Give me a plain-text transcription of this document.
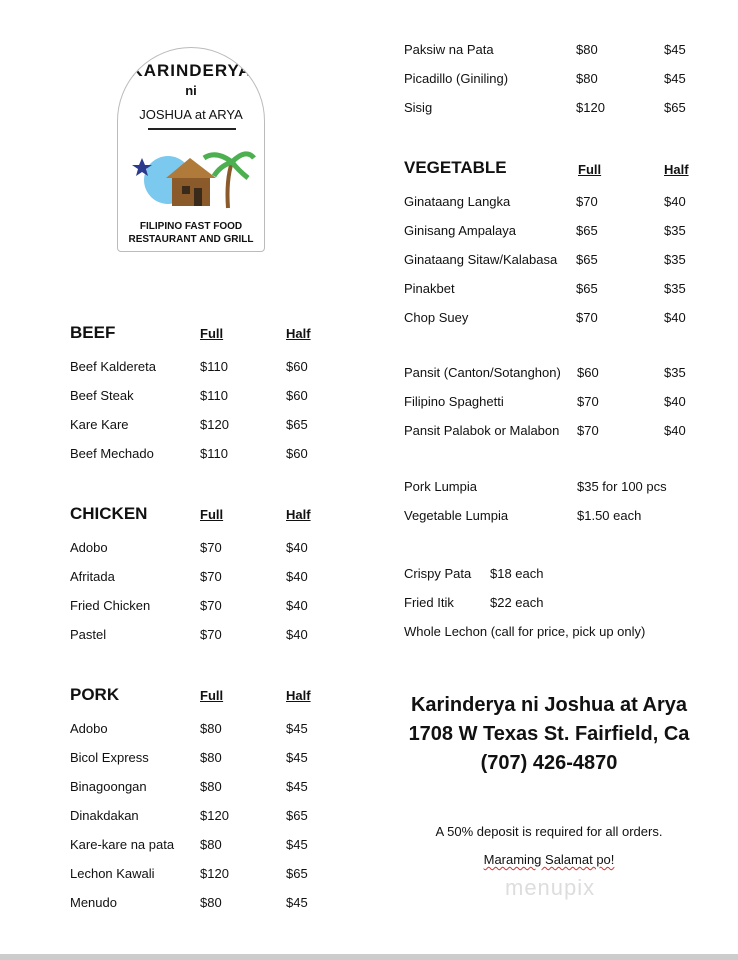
KARINDERYA
ni
JOSHUA at ARYA
FILIPINO FAST FOOD
RESTAURANT AND GRILL
BEEF	Full	Half
Beef Kaldereta	$110	$60
Beef Steak	$110	$60
Kare Kare	$120	$65
Beef Mechado	$110	$60
CHICKEN	Full	Half
Adobo	$70	$40
Afritada	$70	$40
Fried Chicken	$70	$40
Pastel	$70	$40
PORK	Full	Half
Adobo	$80	$45
Bicol Express	$80	$45
Binagoongan	$80	$45
Dinakdakan	$120	$65
Kare-kare na pata $80	$45
Lechon Kawali	$120	$65
Menudo	$80	$45
Paksiw na Pata	$80	$45
Picadillo (Giniling)	$80	$45
Sisig	$120	$65
VEGETABLE	Full	Half
Ginataang Langka	$70	$40
Ginisang Ampalaya	$65	$35
Ginataang Sitaw/Kalabasa $65	$35
Pinakbet	$65	$35
Chop Suey	$70	$40
Pansit (Canton/Sotanghon) $60	$35
Filipino Spaghetti	$70	$40
Pansit Palabok or Malabon $70	$40
Pork Lumpia	$35 for 100 pcs
Vegetable Lumpia	$1.50 each
Crispy Pata $18 each
Fried Itik	$22 each
Whole Lechon (call for price, pick up only)
Karinderya ni Joshua at Arya
1708 W Texas St. Fairfield, Ca
(707) 426-4870
A 50% deposit is required for all orders.
Maraming Salamat po!
menupix
